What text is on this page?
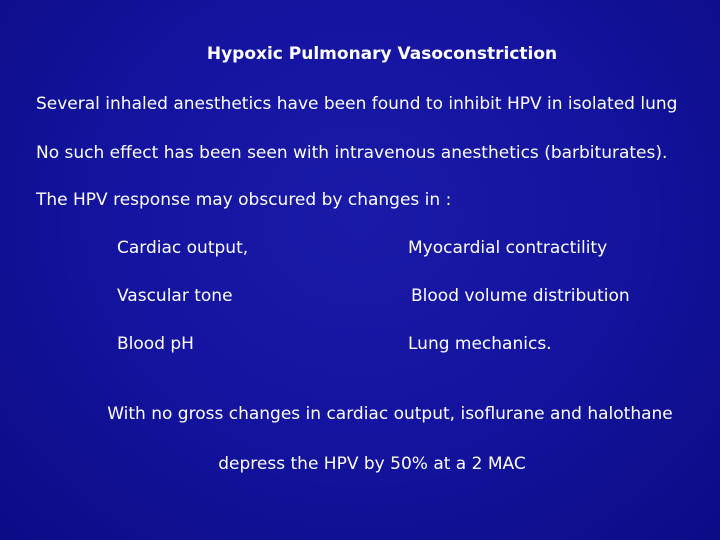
Hypoxic Pulmonary Vasoconstriction
Several inhaled anesthetics have been found to inhibit HPV in isolated lung
No such effect has been seen with intravenous anesthetics (barbiturates).
The HPV response may obscured by changes in :
Cardiac output,	Myocardial contractility
Vascular tone	Blood volume distribution
Blood pH	Lung mechanics.
With no gross changes in cardiac output, isoflurane and halothane
depress the HPV by 50% at a 2 MAC
